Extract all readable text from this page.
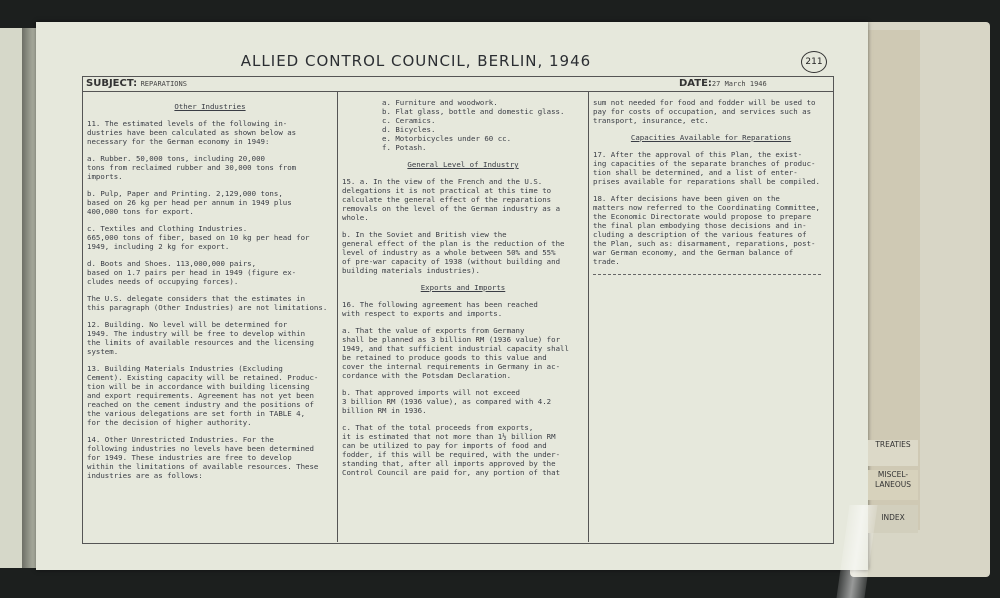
ALLIED CONTROL COUNCIL, BERLIN, 1946	211
SUBJECT: REPARATIONS	DATE:27 March 1946
Other Industries

11. The estimated levels of the following in-
dustries have been calculated as shown below as
necessary for the German economy in 1949:

a. Rubber. 50,000 tons, including 20,000
tons from reclaimed rubber and 30,000 tons from
imports.

b. Pulp, Paper and Printing. 2,129,000 tons,
based on 26 kg per head per annum in 1949 plus
400,000 tons for export.

c. Textiles and Clothing Industries.
665,000 tons of fiber, based on 10 kg per head for
1949, including 2 kg for export.

d. Boots and Shoes. 113,000,000 pairs,
based on 1.7 pairs per head in 1949 (figure ex-
cludes needs of occupying forces).

The U.S. delegate considers that the estimates in
this paragraph (Other Industries) are not limitations.

12. Building. No level will be determined for
1949. The industry will be free to develop within
the limits of available resources and the licensing
system.

13. Building Materials Industries (Excluding
Cement). Existing capacity will be retained. Produc-
tion will be in accordance with building licensing
and export requirements. Agreement has not yet been
reached on the cement industry and the positions of
the various delegations are set forth in TABLE 4,
for the decision of higher authority.

14. Other Unrestricted Industries. For the
following industries no levels have been determined
for 1949. These industries are free to develop
within the limitations of available resources. These
industries are as follows:

a. Furniture and woodwork.
b. Flat glass, bottle and domestic glass.
c. Ceramics.
d. Bicycles.
e. Motorbicycles under 60 cc.
f. Potash.

General Level of Industry

15. a. In the view of the French and the U.S.
delegations it is not practical at this time to
calculate the general effect of the reparations
removals on the level of the German industry as a
whole.

b. In the Soviet and British view the
general effect of the plan is the reduction of the
level of industry as a whole between 50% and 55%
of pre-war capacity of 1938 (without building and
building materials industries).

Exports and Imports

16. The following agreement has been reached
with respect to exports and imports.

a. That the value of exports from Germany
shall be planned as 3 billion RM (1936 value) for
1949, and that sufficient industrial capacity shall
be retained to produce goods to this value and
cover the internal requirements in Germany in ac-
cordance with the Potsdam Declaration.

b. That approved imports will not exceed
3 billion RM (1936 value), as compared with 4.2
billion RM in 1936.

c. That of the total proceeds from exports,
it is estimated that not more than 1½ billion RM
can be utilized to pay for imports of food and
fodder, if this will be required, with the under-
standing that, after all imports approved by the
Control Council are paid for, any portion of that

sum not needed for food and fodder will be used to
pay for costs of occupation, and services such as
transport, insurance, etc.

Capacities Available for Reparations

17. After the approval of this Plan, the exist-
ing capacities of the separate branches of produc-
tion shall be determined, and a list of enter-
prises available for reparations shall be compiled.

18. After decisions have been given on the
matters now referred to the Coordinating Committee,
the Economic Directorate would propose to prepare
the final plan embodying those decisions and in-
cluding a description of the various features of
the Plan, such as: disarmament, reparations, post-
war German economy, and the German balance of
trade.

TREATIES
MISCEL-
LANEOUS
INDEX
